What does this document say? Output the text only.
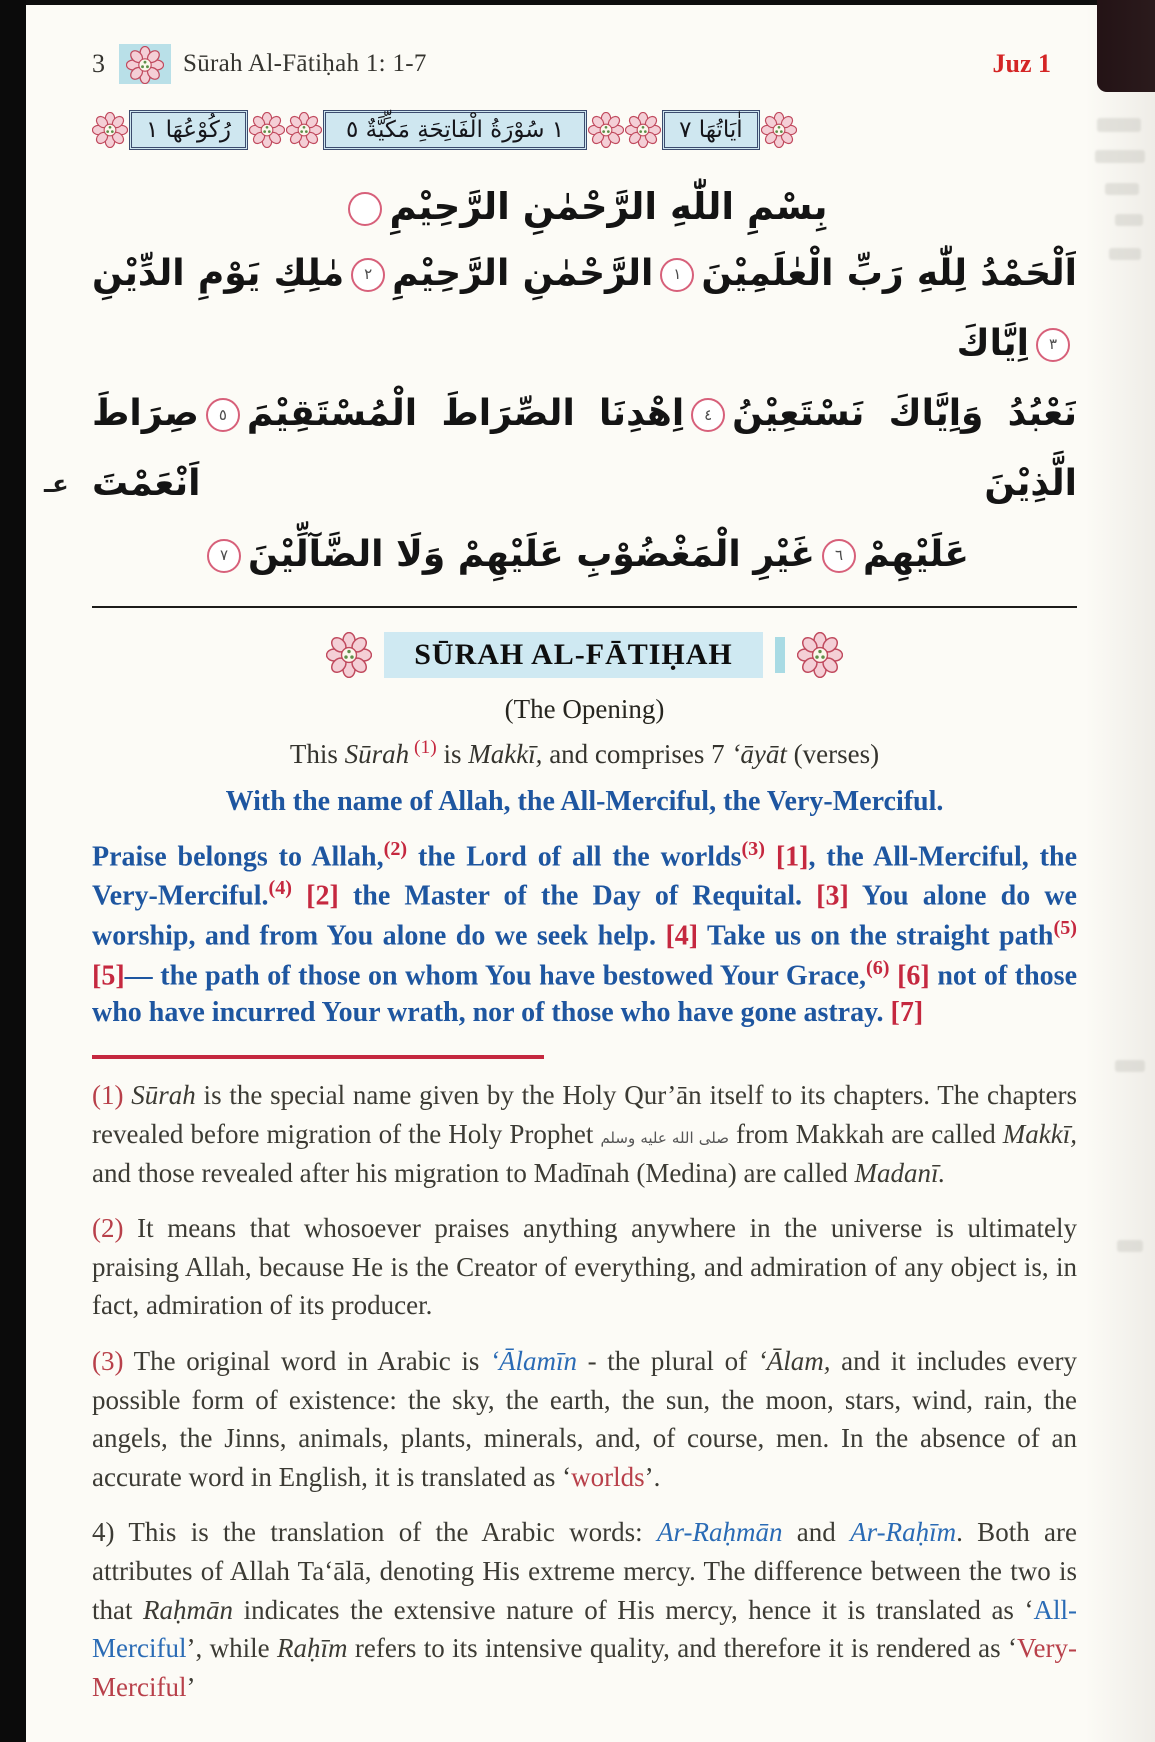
3	Sūrah Al-Fātiḥah 1: 1-7	Juz 1
رُكُوْعُهَا ١	١ سُوْرَةُ الْفَاتِحَةِ مَكِّيَّةٌ ٥	اٰيَاتُهَا ٧
بِسْمِ اللّٰهِ الرَّحْمٰنِ الرَّحِيْمِ
اَلْحَمْدُ لِلّٰهِ رَبِّ الْعٰلَمِيْنَ١الرَّحْمٰنِ الرَّحِيْمِ٢مٰلِكِ يَوْمِ الدِّيْنِ٣اِيَّاكَ
نَعْبُدُ وَاِيَّاكَ نَسْتَعِيْنُ٤اِهْدِنَا الصِّرَاطَ الْمُسْتَقِيْمَ٥صِرَاطَ الَّذِيْنَ اَنْعَمْتَ
عَلَيْهِمْ٦غَيْرِ الْمَغْضُوْبِ عَلَيْهِمْ وَلَا الضَّآلِّيْنَ٧
SŪRAH AL-FĀTIḤAH
(The Opening)
This Sūrah $^{(1)}$ is Makkī, and comprises 7 ‘āyāt (verses)
With the name of Allah, the All-Merciful, the Very-Merciful.
Praise belongs to Allah,$^{(2)}$ the Lord of all the worlds$^{(3)}$ [1], the All-Merciful, the Very-Merciful.$^{(4)}$ [2] the Master of the Day of Requital. [3] You alone do we worship, and from You alone do we seek help. [4] Take us on the straight path$^{(5)}$ [5]— the path of those on whom You have bestowed Your Grace,$^{(6)}$ [6] not of those who have incurred Your wrath, nor of those who have gone astray. [7]
(1) Sūrah is the special name given by the Holy Qur’ān itself to its chapters. The chapters revealed before migration of the Holy Prophet صلى الله عليه وسلم from Makkah are called Makkī, and those revealed after his migration to Madīnah (Medina) are called Madanī.
(2) It means that whosoever praises anything anywhere in the universe is ultimately praising Allah, because He is the Creator of everything, and admiration of any object is, in fact, admiration of its producer.
(3) The original word in Arabic is ‘Ālamīn - the plural of ‘Ālam, and it includes every possible form of existence: the sky, the earth, the sun, the moon, stars, wind, rain, the angels, the Jinns, animals, plants, minerals, and, of course, men. In the absence of an accurate word in English, it is translated as ‘worlds’.
4) This is the translation of the Arabic words: Ar-Raḥmān and Ar-Raḥīm. Both are attributes of Allah Ta‘ālā, denoting His extreme mercy. The difference between the two is that Raḥmān indicates the extensive nature of His mercy, hence it is translated as ‘All-Merciful’, while Raḥīm refers to its intensive quality, and therefore it is rendered as ‘Very-Merciful’
عـ
